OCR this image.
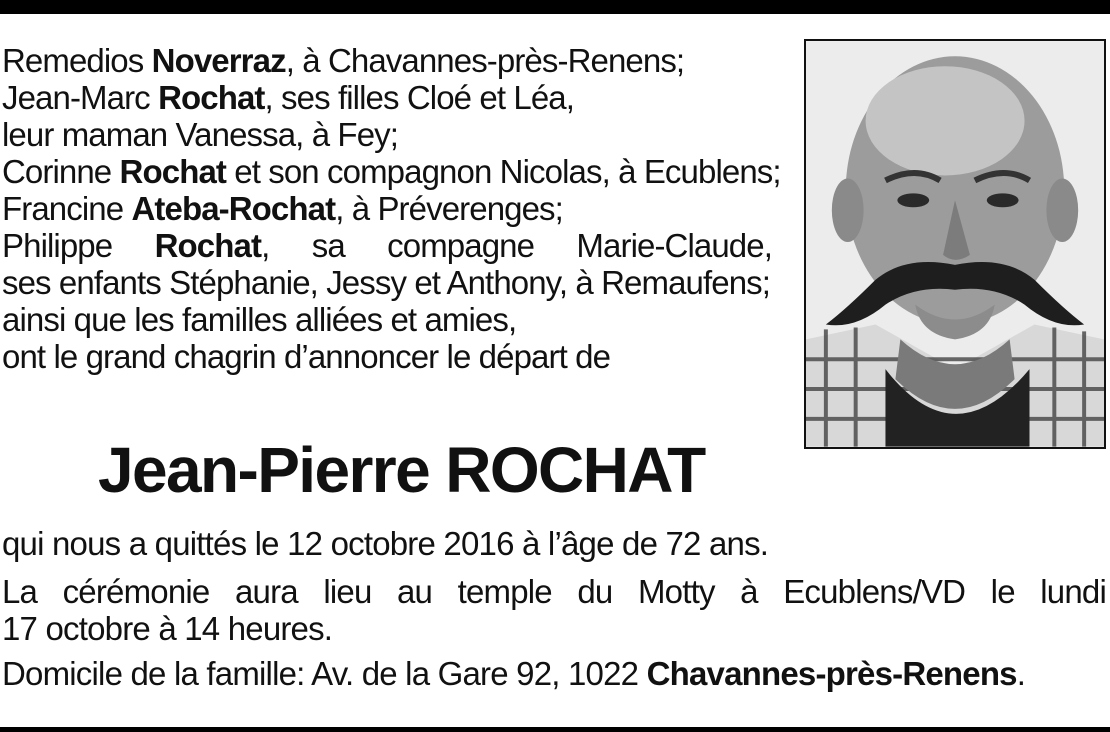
Remedios Noverraz, à Chavannes-près-Renens;
Jean-Marc Rochat, ses filles Cloé et Léa,
leur maman Vanessa, à Fey;
Corinne Rochat et son compagnon Nicolas, à Ecublens;
Francine Ateba-Rochat, à Préverenges;
Philippe Rochat, sa compagne Marie-Claude,
ses enfants Stéphanie, Jessy et Anthony, à Remaufens;
ainsi que les familles alliées et amies,
ont le grand chagrin d’annoncer le départ de
Jean-Pierre ROCHAT
qui nous a quittés le 12 octobre 2016 à l’âge de 72 ans.
La cérémonie aura lieu au temple du Motty à Ecublens/VD le lundi
17 octobre à 14 heures.
Domicile de la famille: Av. de la Gare 92, 1022 Chavannes-près-Renens.
